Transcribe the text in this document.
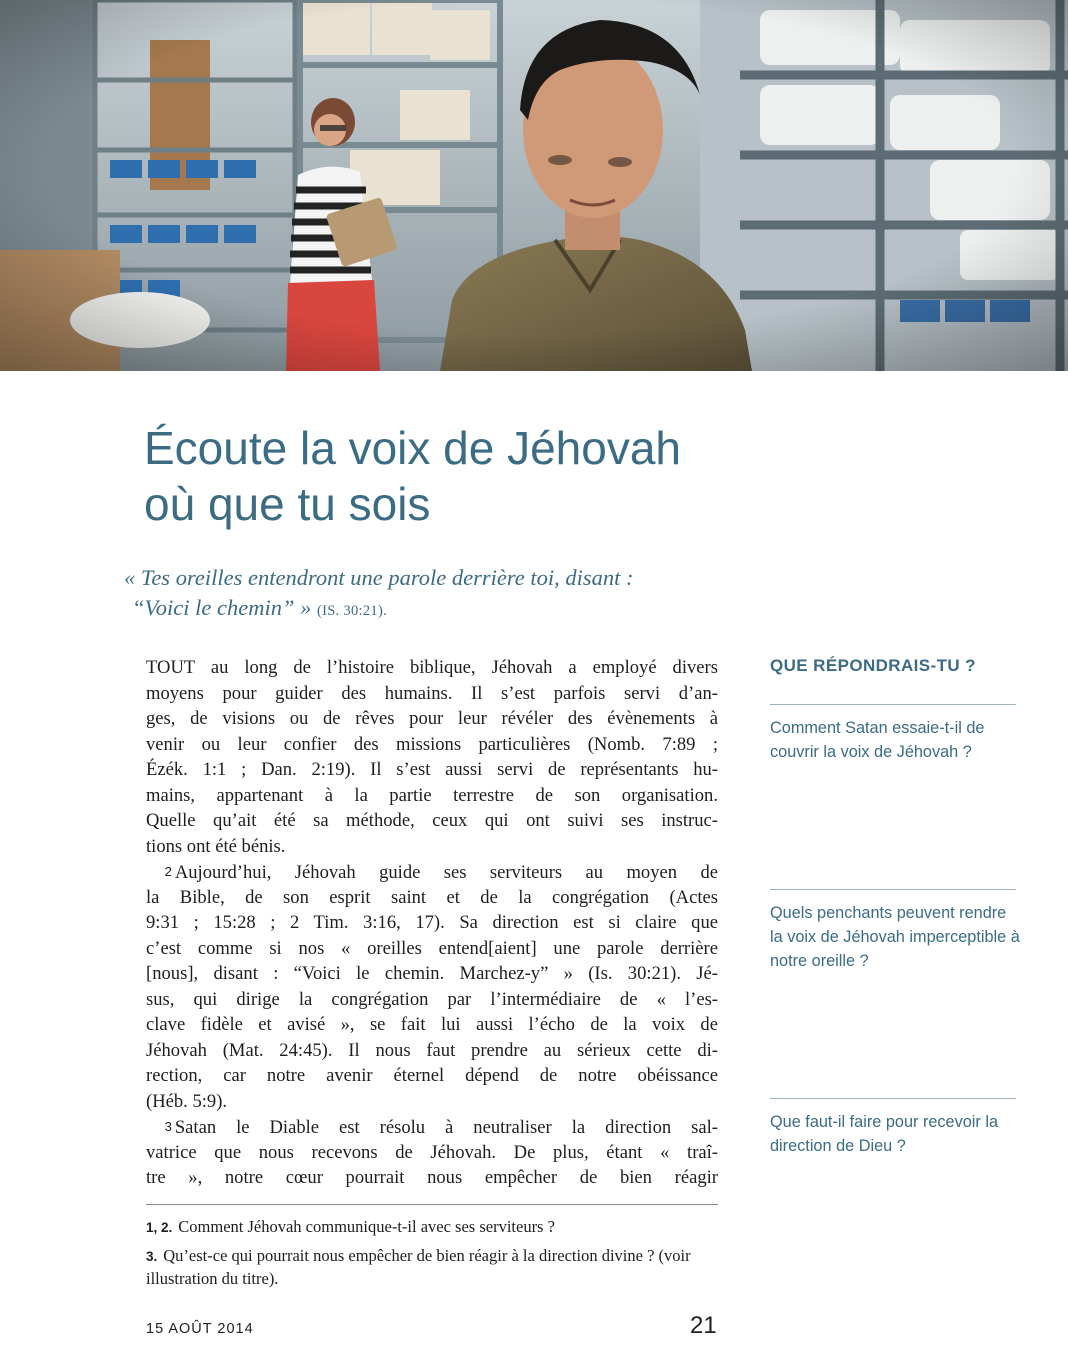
Écoute la voix de Jéhovah
où que tu sois
« Tes oreilles entendront une parole derrière toi, disant :

“Voici le chemin” » (IS. 30:21).
TOUT au long de l’histoire biblique, Jéhovah a employé divers
moyens pour guider des humains. Il s’est parfois servi d’an-
ges, de visions ou de rêves pour leur révéler des évènements à
venir ou leur confier des missions particulières (Nomb. 7:89 ;
Ézék. 1:1 ; Dan. 2:19). Il s’est aussi servi de représentants hu-
mains, appartenant à la partie terrestre de son organisation.
Quelle qu’ait été sa méthode, ceux qui ont suivi ses instruc-
tions ont été bénis.
 2 Aujourd’hui, Jéhovah guide ses serviteurs au moyen de
la Bible, de son esprit saint et de la congrégation (Actes
9:31 ; 15:28 ; 2 Tim. 3:16, 17). Sa direction est si claire que
c’est comme si nos « oreilles entend[aient] une parole derrière
[nous], disant : “Voici le chemin. Marchez-y” » (Is. 30:21). Jé-
sus, qui dirige la congrégation par l’intermédiaire de « l’es-
clave fidèle et avisé », se fait lui aussi l’écho de la voix de
Jéhovah (Mat. 24:45). Il nous faut prendre au sérieux cette di-
rection, car notre avenir éternel dépend de notre obéissance
(Héb. 5:9).
 3 Satan le Diable est résolu à neutraliser la direction sal-
vatrice que nous recevons de Jéhovah. De plus, étant « traî-
tre », notre cœur pourrait nous empêcher de bien réagir
1, 2. Comment Jéhovah communique-t-il avec ses serviteurs ?
3. Qu’est-ce qui pourrait nous empêcher de bien réagir à la direction divine ? (voir illustration du titre).
15 AOÛT 2014	21
QUE RÉPONDRAIS-TU ?
Comment Satan essaie-t-il de couvrir la voix de Jéhovah ?
Quels penchants peuvent rendre la voix de Jéhovah imperceptible à notre oreille ?
Que faut-il faire pour recevoir la direction de Dieu ?
